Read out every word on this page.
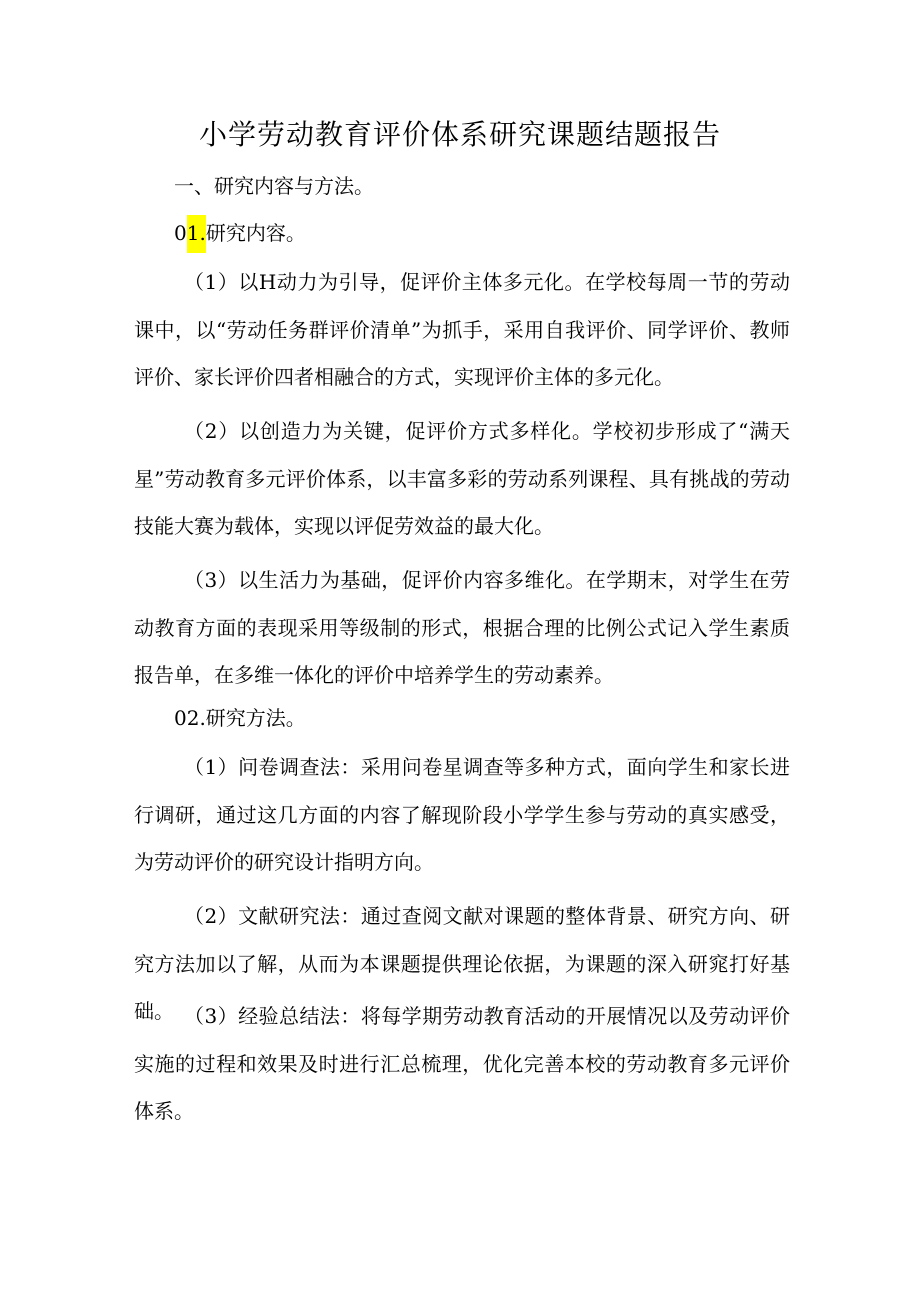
小学劳动教育评价体系研究课题结题报告
一、研究内容与方法。
01.研究内容。

（1）以H动力为引导，促评价主体多元化。在学校每周一节的劳动课中，以“劳动任务群评价清单”为抓手，采用自我评价、同学评价、教师评价、家长评价四者相融合的方式，实现评价主体的多元化。

（2）以创造力为关键，促评价方式多样化。学校初步形成了“满天星”劳动教育多元评价体系，以丰富多彩的劳动系列课程、具有挑战的劳动技能大赛为载体，实现以评促劳效益的最大化。

（3）以生活力为基础，促评价内容多维化。在学期末，对学生在劳动教育方面的表现采用等级制的形式，根据合理的比例公式记入学生素质报告单，在多维一体化的评价中培养学生的劳动素养。

02.研究方法。

（1）问卷调查法：采用问卷星调查等多种方式，面向学生和家长进行调研，通过这几方面的内容了解现阶段小学学生参与劳动的真实感受，为劳动评价的研究设计指明方向。

（2）文献研究法：通过查阅文献对课题的整体背景、研究方向、研究方法加以了解，从而为本课题提供理论依据，为课题的深入研窕打好基础。 （3）经验总结法：将每学期劳动教育活动的开展情况以及劳动评价实施的过程和效果及时进行汇总梳理，优化完善本校的劳动教育多元评价体系。
